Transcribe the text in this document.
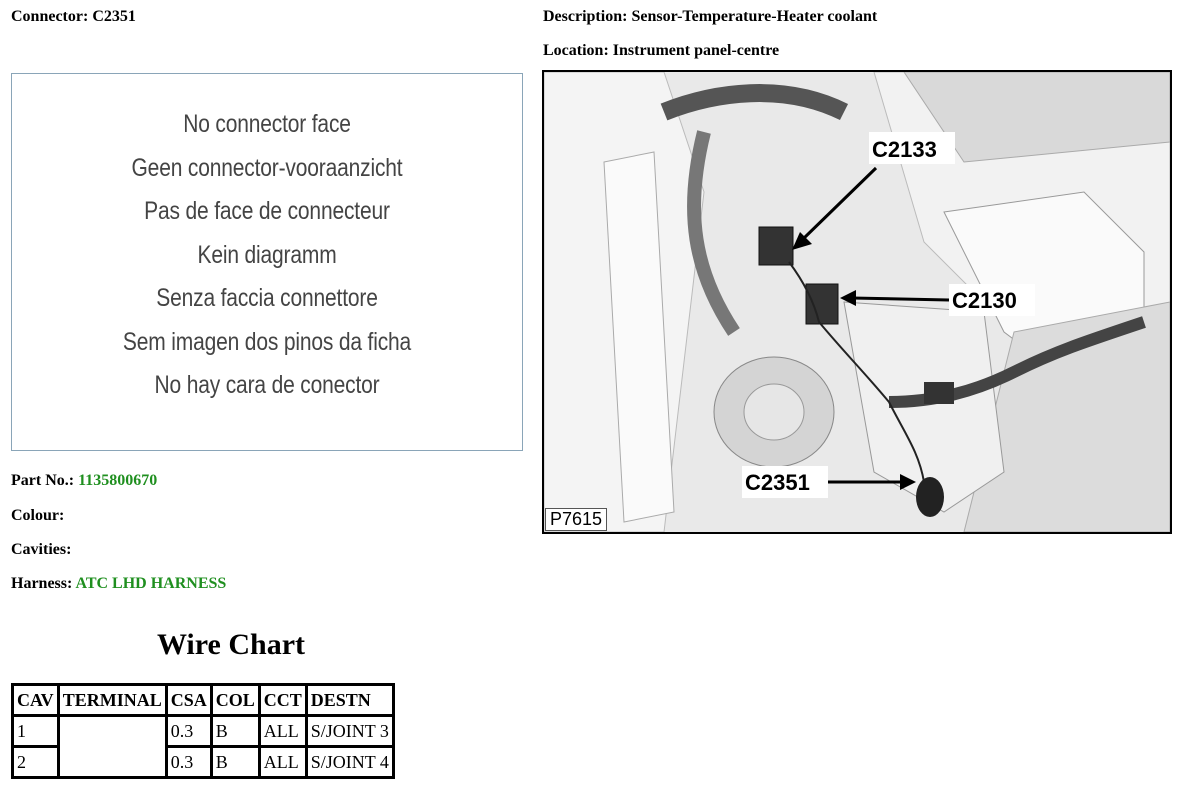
Connector: C2351	Description: Sensor-Temperature-Heater coolant
Location: Instrument panel-centre
No connector face
Geen connector-vooraanzicht
Pas de face de connecteur
Kein diagramm
Senza faccia connettore
Sem imagen dos pinos da ficha
No hay cara de conector
Part No.: 1135800670
Colour:
Cavities:
Harness: ATC LHD HARNESS
Wire Chart
CAV	TERMINAL	CSA	COL	CCT	DESTN
1		0.3	B	ALL	S/JOINT 3
2		0.3	B	ALL	S/JOINT 4
C2133
C2130
C2351
P7615
